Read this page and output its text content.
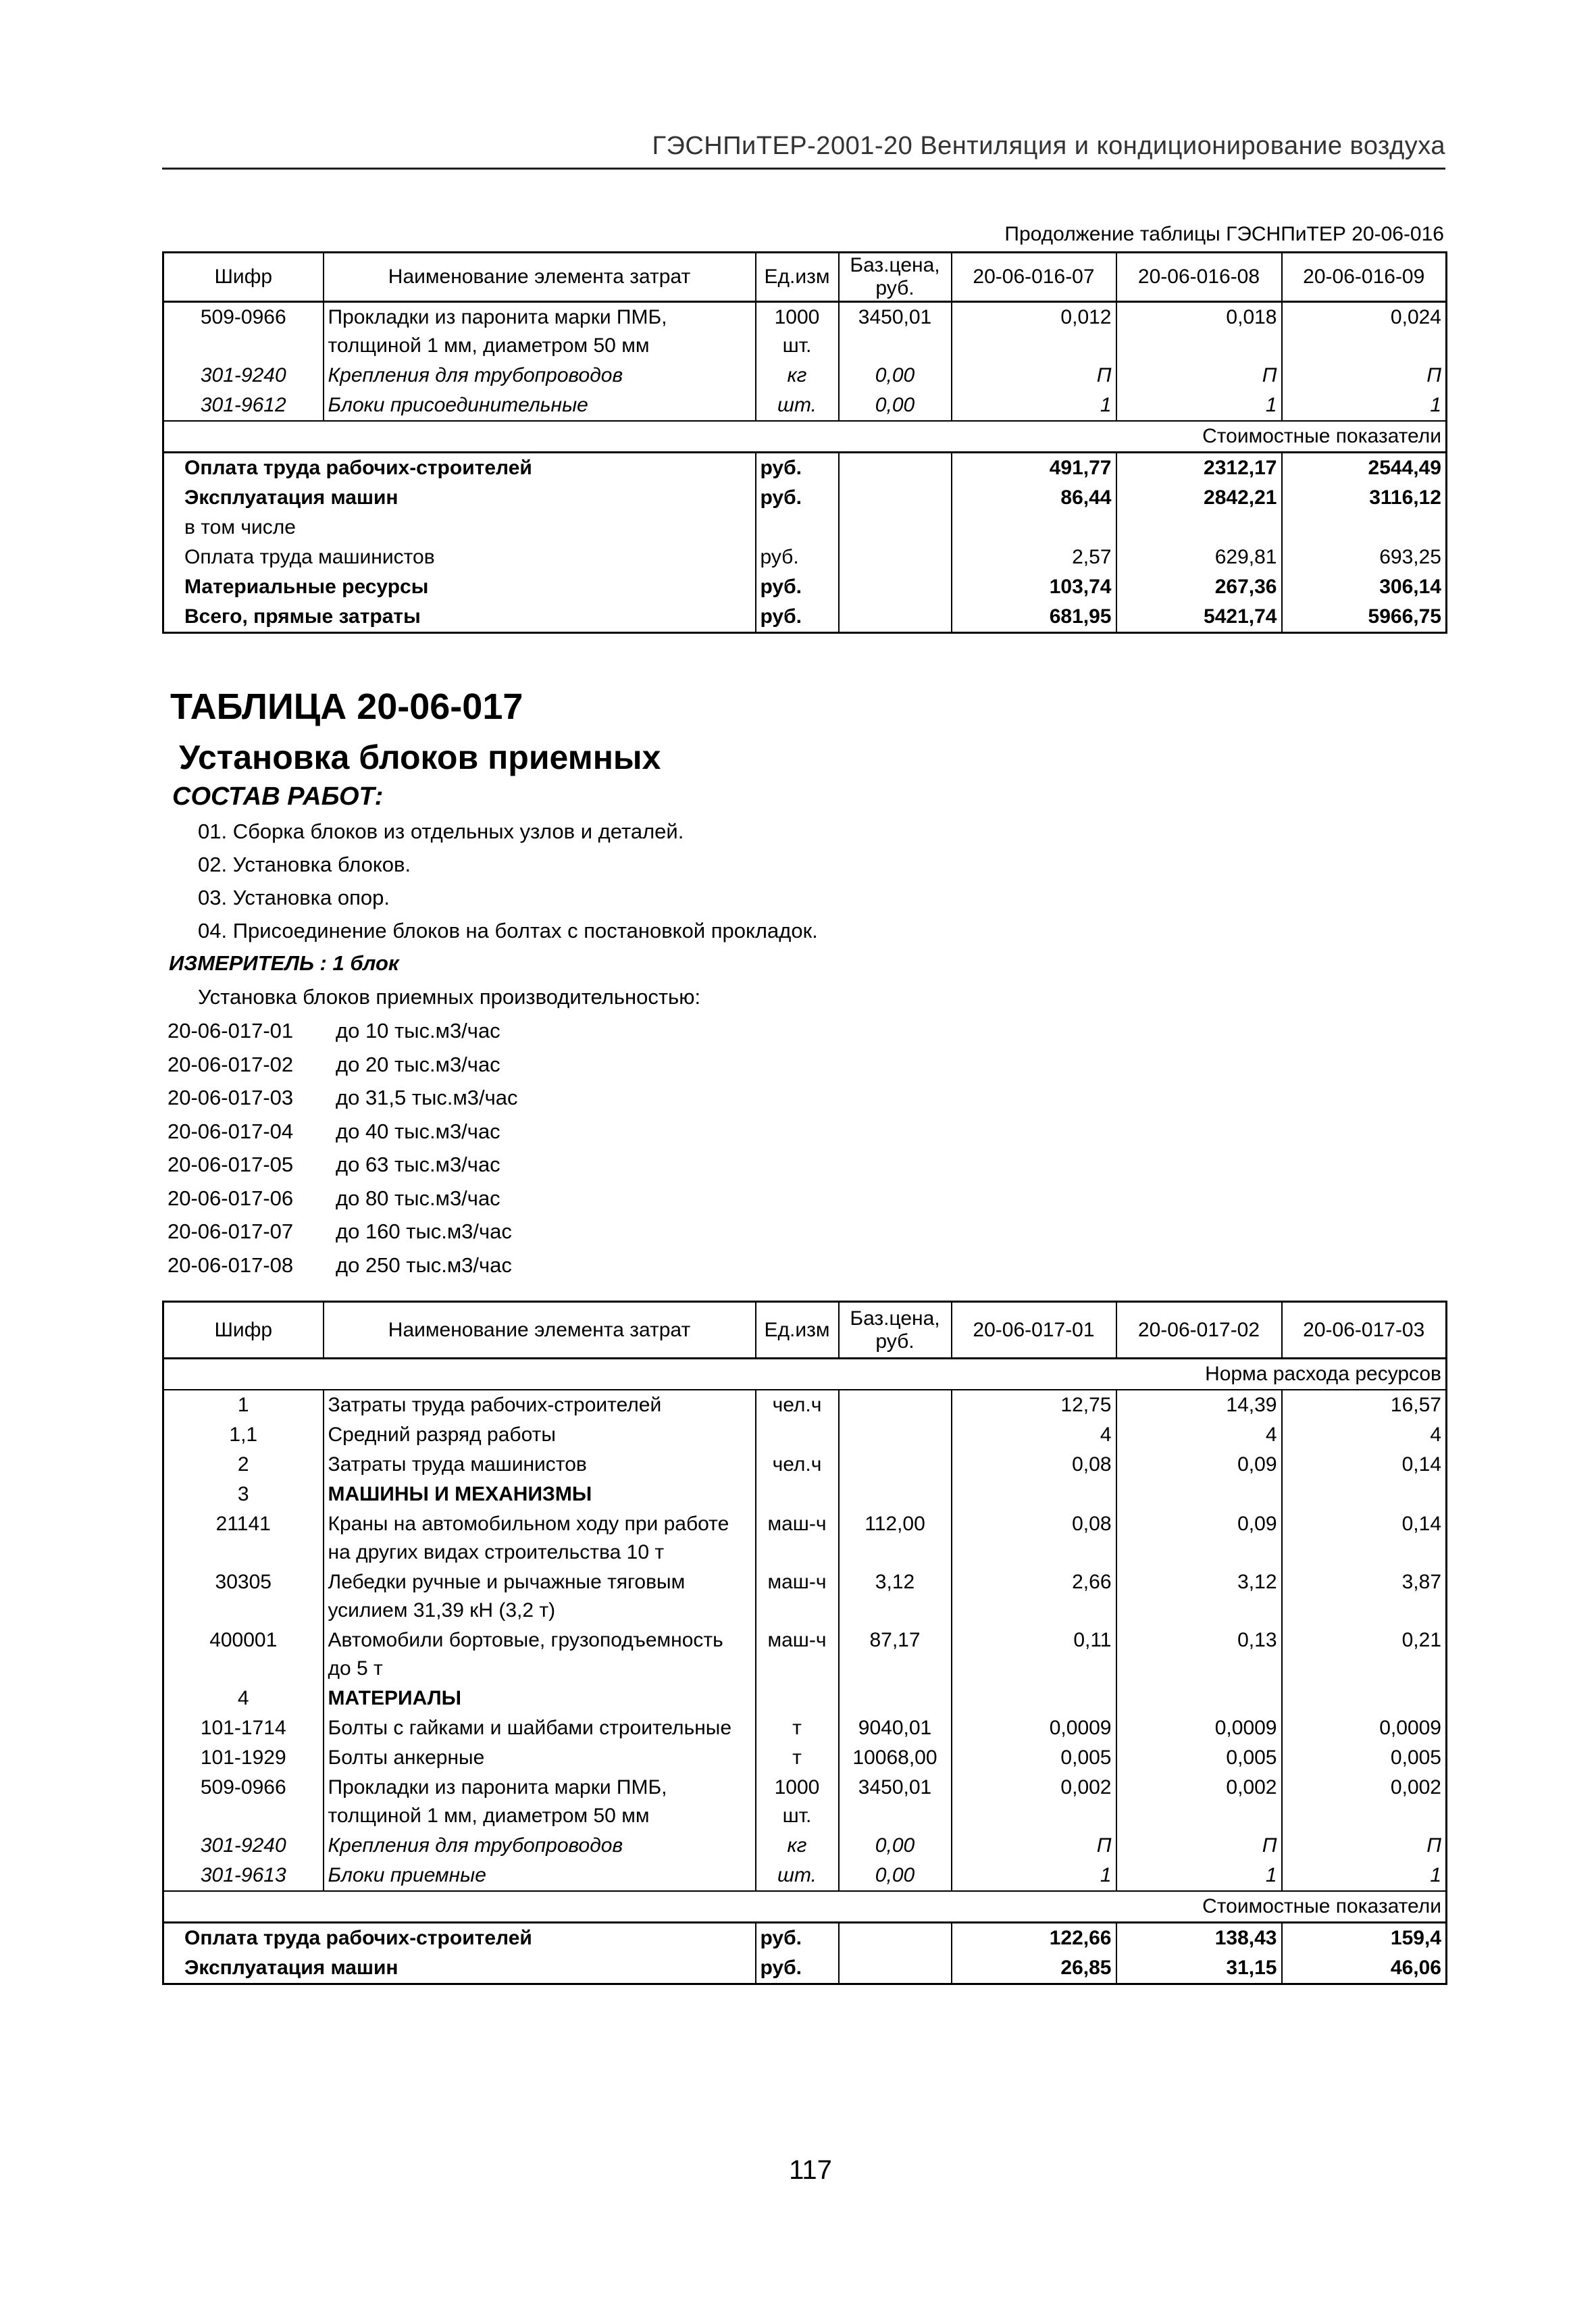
ГЭСНПиТЕР-2001-20 Вентиляция и кондиционирование воздуха
Продолжение таблицы ГЭСНПиТЕР 20-06-016
Шифр	Наименование элемента затрат	Ед.изм	Баз.цена, руб.	20-06-016-07	20-06-016-08	20-06-016-09
509-0966	Прокладки из паронита марки ПМБ, толщиной 1 мм, диаметром 50 мм	1000 шт.	3450,01	0,012	0,018	0,024
301-9240	Крепления для трубопроводов	кг	0,00	П	П	П
301-9612	Блоки присоединительные	шт.	0,00	1	1	1
Стоимостные показатели						
Оплата труда рабочих-строителей		руб.		491,77	2312,17	2544,49
Эксплуатация машин		руб.		86,44	2842,21	3116,12
в том числе						
Оплата труда машинистов		руб.		2,57	629,81	693,25
Материальные ресурсы		руб.		103,74	267,36	306,14
Всего, прямые затраты		руб.		681,95	5421,74	5966,75
ТАБЛИЦА 20-06-017
Установка блоков приемных
СОСТАВ РАБОТ:
01. Сборка блоков из отдельных узлов и деталей.
02. Установка блоков.
03. Установка опор.
04. Присоединение блоков на болтах с постановкой прокладок.
ИЗМЕРИТЕЛЬ : 1 блок
Установка блоков приемных производительностью:
20-06-017-01 до 10 тыс.м3/час
20-06-017-02 до 20 тыс.м3/час
20-06-017-03 до 31,5 тыс.м3/час
20-06-017-04 до 40 тыс.м3/час
20-06-017-05 до 63 тыс.м3/час
20-06-017-06 до 80 тыс.м3/час
20-06-017-07 до 160 тыс.м3/час
20-06-017-08 до 250 тыс.м3/час
Шифр	Наименование элемента затрат	Ед.изм	Баз.цена, руб.	20-06-017-01	20-06-017-02	20-06-017-03
Норма расхода ресурсов						
1	Затраты труда рабочих-строителей	чел.ч		12,75	14,39	16,57
1,1	Средний разряд работы			4	4	4
2	Затраты труда машинистов	чел.ч		0,08	0,09	0,14
3	МАШИНЫ И МЕХАНИЗМЫ					
21141	Краны на автомобильном ходу при работе на других видах строительства 10 т	маш-ч	112,00	0,08	0,09	0,14
30305	Лебедки ручные и рычажные тяговым усилием 31,39 кН (3,2 т)	маш-ч	3,12	2,66	3,12	3,87
400001	Автомобили бортовые, грузоподъемность до 5 т	маш-ч	87,17	0,11	0,13	0,21
4	МАТЕРИАЛЫ					
101-1714	Болты с гайками и шайбами строительные	т	9040,01	0,0009	0,0009	0,0009
101-1929	Болты анкерные	т	10068,00	0,005	0,005	0,005
509-0966	Прокладки из паронита марки ПМБ, толщиной 1 мм, диаметром 50 мм	1000 шт.	3450,01	0,002	0,002	0,002
301-9240	Крепления для трубопроводов	кг	0,00	П	П	П
301-9613	Блоки приемные	шт.	0,00	1	1	1
Стоимостные показатели						
Оплата труда рабочих-строителей		руб.		122,66	138,43	159,4
Эксплуатация машин		руб.		26,85	31,15	46,06
117
